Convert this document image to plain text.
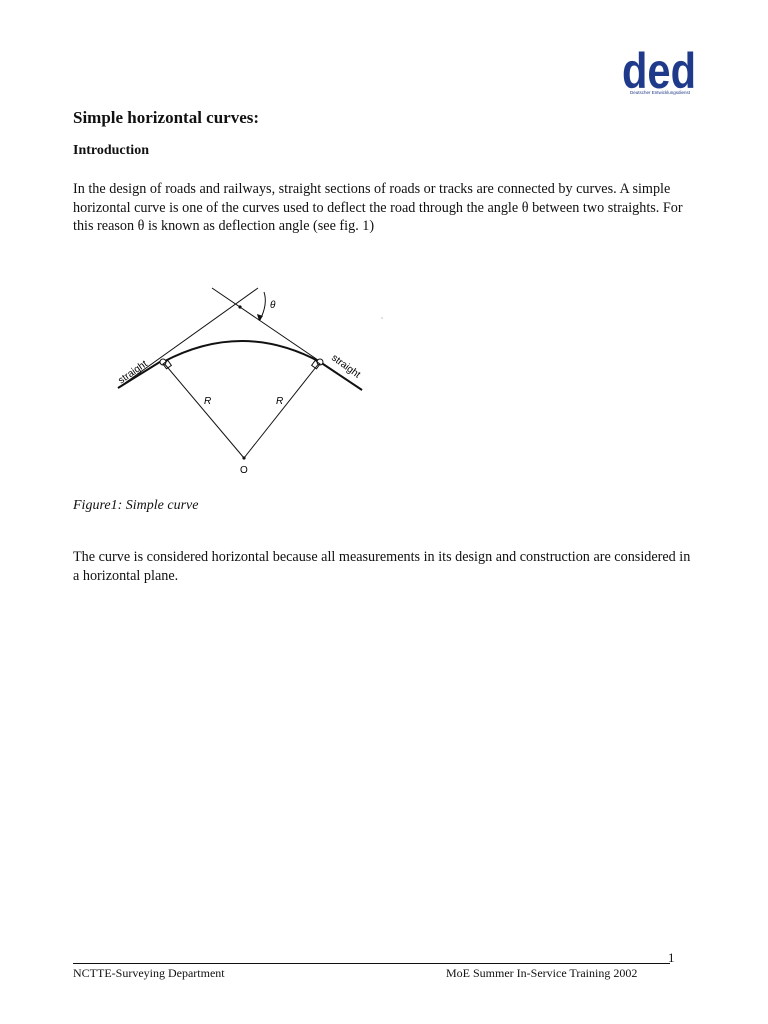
ded
Deutscher Entwicklungsdienst
Simple horizontal curves:
Introduction

In the design of roads and railways, straight sections of roads or tracks are connected by curves. A simple horizontal curve is one of the curves used to deflect the road through the angle θ between two straights. For this reason θ is known as deflection angle (see fig. 1)

straight	straight
θ
R	R
O

Figure1: Simple curve

The curve is considered horizontal because all measurements in its design and construction are considered in a horizontal plane.

1
NCTTE-Surveying Department	MoE Summer In-Service Training 2002
